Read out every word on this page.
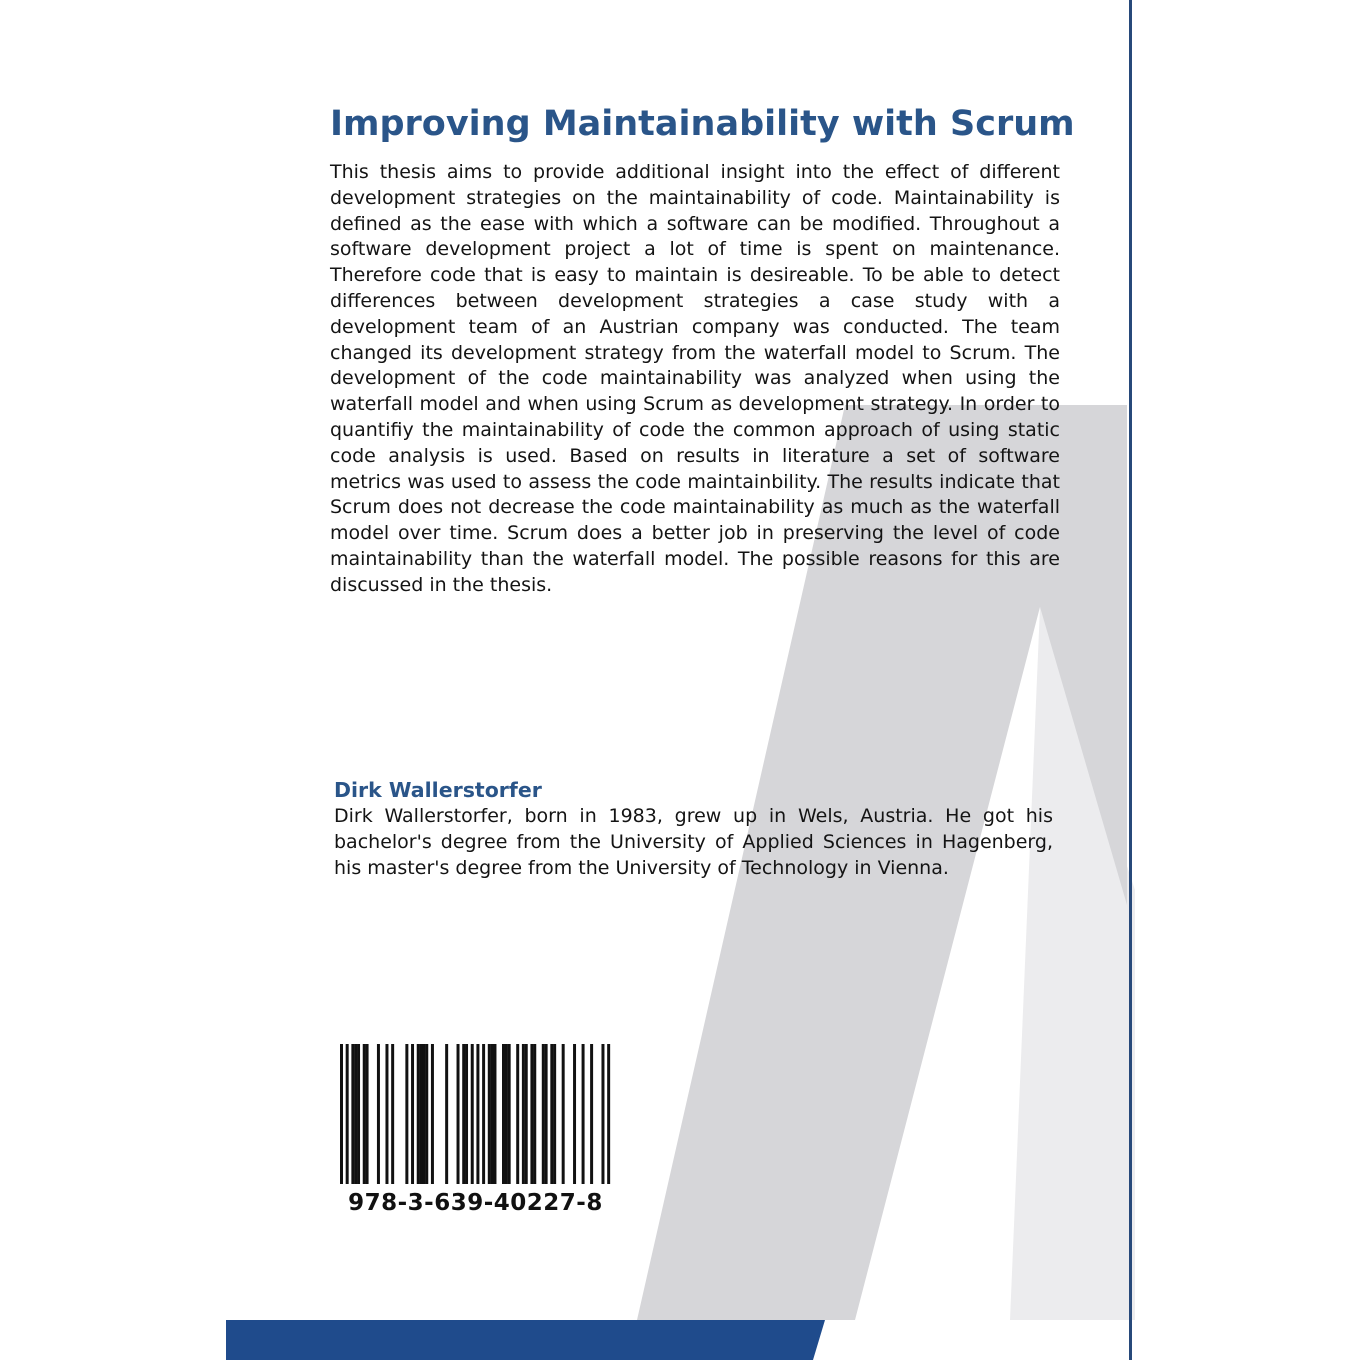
Improving Maintainability with Scrum

This thesis aims to provide additional insight into the effect of different development strategies on the maintainability of code. Maintainability is defined as the ease with which a software can be modified. Throughout a software development project a lot of time is spent on maintenance. Therefore code that is easy to maintain is desireable. To be able to detect differences between development strategies a case study with a development team of an Austrian company was conducted. The team changed its development strategy from the waterfall model to Scrum. The development of the code maintainability was analyzed when using the waterfall model and when using Scrum as development strategy. In order to quantifiy the maintainability of code the common approach of using static code analysis is used. Based on results in literature a set of software metrics was used to assess the code maintainbility. The results indicate that Scrum does not decrease the code maintainability as much as the waterfall model over time. Scrum does a better job in preserving the level of code maintainability than the waterfall model. The possible reasons for this are discussed in the thesis.

Dirk Wallerstorfer

Dirk Wallerstorfer, born in 1983, grew up in Wels, Austria. He got his bachelor's degree from the University of Applied Sciences in Hagenberg, his master's degree from the University of Technology in Vienna.

978-3-639-40227-8
